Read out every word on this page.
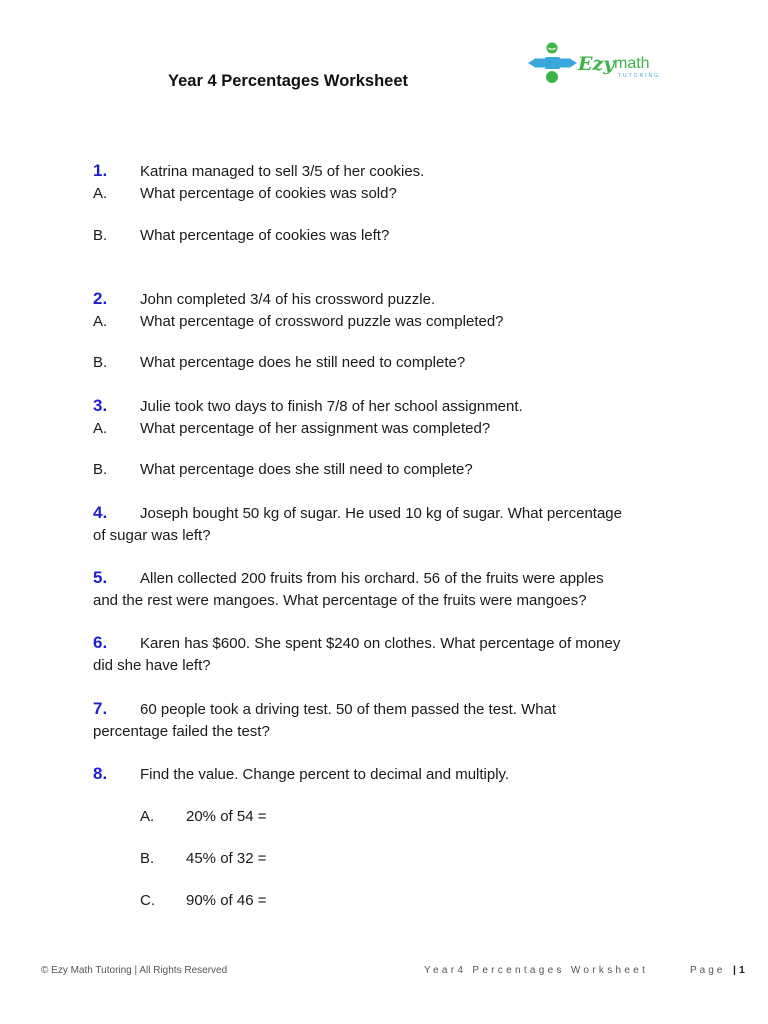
Year 4 Percentages Worksheet
Ezy math
TUTORING
1. Katrina managed to sell 3/5 of her cookies.
A. What percentage of cookies was sold?
B. What percentage of cookies was left?
2. John completed 3/4 of his crossword puzzle.
A. What percentage of crossword puzzle was completed?
B. What percentage does he still need to complete?
3. Julie took two days to finish 7/8 of her school assignment.
A. What percentage of her assignment was completed?
B. What percentage does she still need to complete?
4. Joseph bought 50 kg of sugar. He used 10 kg of sugar. What percentage
of sugar was left?
5. Allen collected 200 fruits from his orchard. 56 of the fruits were apples
and the rest were mangoes. What percentage of the fruits were mangoes?
6. Karen has $600. She spent $240 on clothes. What percentage of money
did she have left?
7. 60 people took a driving test. 50 of them passed the test. What
percentage failed the test?
8. Find the value. Change percent to decimal and multiply.
A. 20% of 54 =
B. 45% of 32 =
C. 90% of 46 =
© Ezy Math Tutoring | All Rights Reserved	Year4 Percentages Worksheet	Page | 1
